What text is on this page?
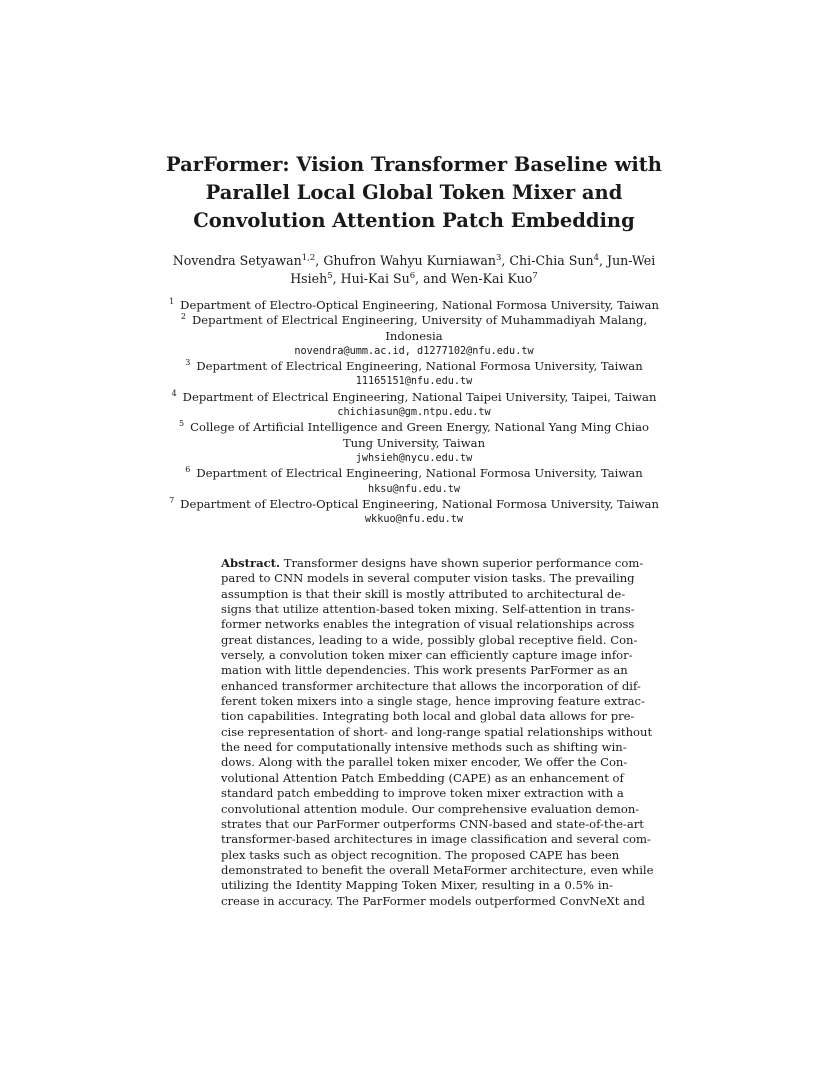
ParFormer: Vision Transformer Baseline with
Parallel Local Global Token Mixer and
Convolution Attention Patch Embedding
Novendra Setyawan$^{1,2}$, Ghufron Wahyu Kurniawan$^3$, Chi-Chia Sun$^4$, Jun-Wei
Hsieh$^5$, Hui-Kai Su$^6$, and Wen-Kai Kuo$^7$
$^1$ Department of Electro-Optical Engineering, National Formosa University, Taiwan
$^2$ Department of Electrical Engineering, University of Muhammadiyah Malang,
Indonesia
novendra@umm.ac.id, d1277102@nfu.edu.tw
$^3$ Department of Electrical Engineering, National Formosa University, Taiwan
11165151@nfu.edu.tw
$^4$ Department of Electrical Engineering, National Taipei University, Taipei, Taiwan
chichiasun@gm.ntpu.edu.tw
$^5$ College of Artificial Intelligence and Green Energy, National Yang Ming Chiao
Tung University, Taiwan
jwhsieh@nycu.edu.tw
$^6$ Department of Electrical Engineering, National Formosa University, Taiwan
hksu@nfu.edu.tw
$^7$ Department of Electro-Optical Engineering, National Formosa University, Taiwan
wkkuo@nfu.edu.tw
Abstract. Transformer designs have shown superior performance com-
pared to CNN models in several computer vision tasks. The prevailing
assumption is that their skill is mostly attributed to architectural de-
signs that utilize attention-based token mixing. Self-attention in trans-
former networks enables the integration of visual relationships across
great distances, leading to a wide, possibly global receptive field. Con-
versely, a convolution token mixer can efficiently capture image infor-
mation with little dependencies. This work presents ParFormer as an
enhanced transformer architecture that allows the incorporation of dif-
ferent token mixers into a single stage, hence improving feature extrac-
tion capabilities. Integrating both local and global data allows for pre-
cise representation of short- and long-range spatial relationships without
the need for computationally intensive methods such as shifting win-
dows. Along with the parallel token mixer encoder, We offer the Con-
volutional Attention Patch Embedding (CAPE) as an enhancement of
standard patch embedding to improve token mixer extraction with a
convolutional attention module. Our comprehensive evaluation demon-
strates that our ParFormer outperforms CNN-based and state-of-the-art
transformer-based architectures in image classification and several com-
plex tasks such as object recognition. The proposed CAPE has been
demonstrated to benefit the overall MetaFormer architecture, even while
utilizing the Identity Mapping Token Mixer, resulting in a 0.5% in-
crease in accuracy. The ParFormer models outperformed ConvNeXt and
